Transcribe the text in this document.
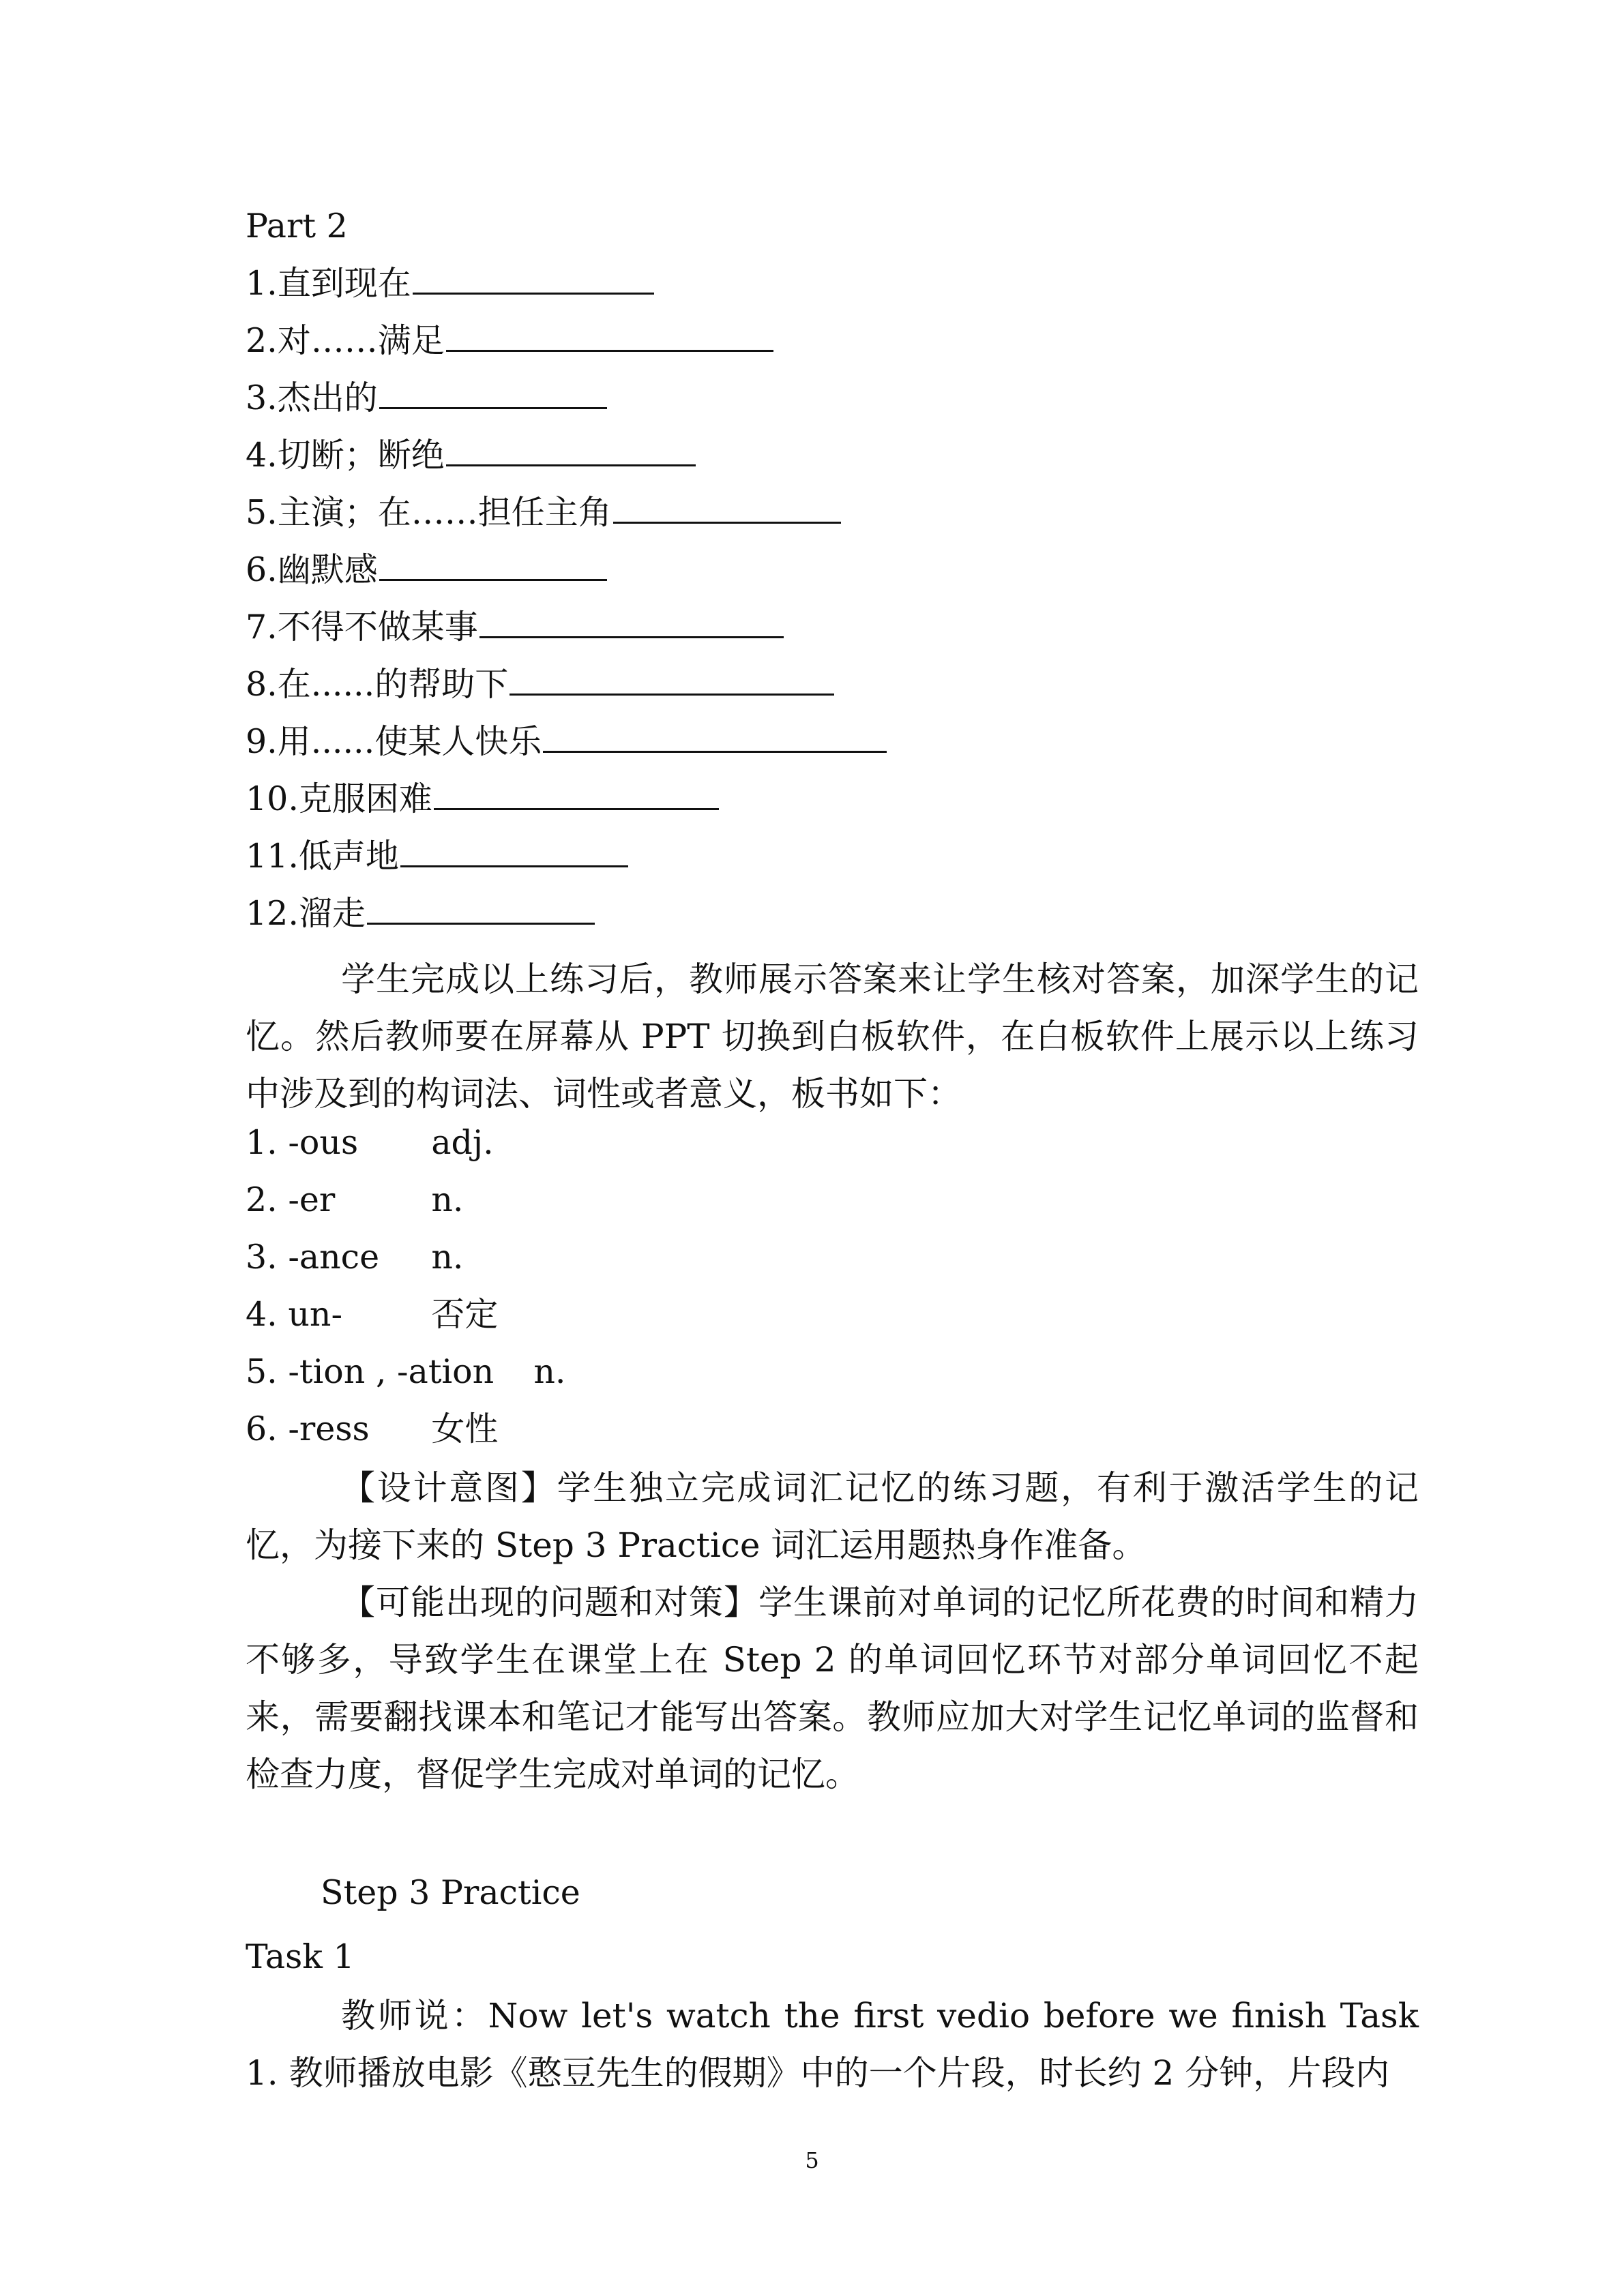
Part 2
1.直到现在
2.对……满足
3.杰出的
4.切断；断绝
5.主演；在……担任主角
6.幽默感
7.不得不做某事
8.在......的帮助下
9.用......使某人快乐
10.克服困难
11.低声地
12.溜走
学生完成以上练习后，教师展示答案来让学生核对答案，加深学生的记忆。然后教师要在屏幕从 PPT 切换到白板软件，在白板软件上展示以上练习中涉及到的构词法、词性或者意义，板书如下：
1. -ous adj.
2. -er	n.
3. -ance n.
4. un-	否定
5. -tion , -ation n.
6. -ress 女性
【设计意图】学生独立完成词汇记忆的练习题，有利于激活学生的记忆，为接下来的 Step 3 Practice 词汇运用题热身作准备。
【可能出现的问题和对策】学生课前对单词的记忆所花费的时间和精力不够多，导致学生在课堂上在 Step 2 的单词回忆环节对部分单词回忆不起来，需要翻找课本和笔记才能写出答案。教师应加大对学生记忆单词的监督和检查力度，督促学生完成对单词的记忆。
Step 3 Practice
Task 1
教师说：Now let's watch the first vedio before we finish Task 1. 教师播放电影《憨豆先生的假期》中的一个片段，时长约 2 分钟，片段内
5
